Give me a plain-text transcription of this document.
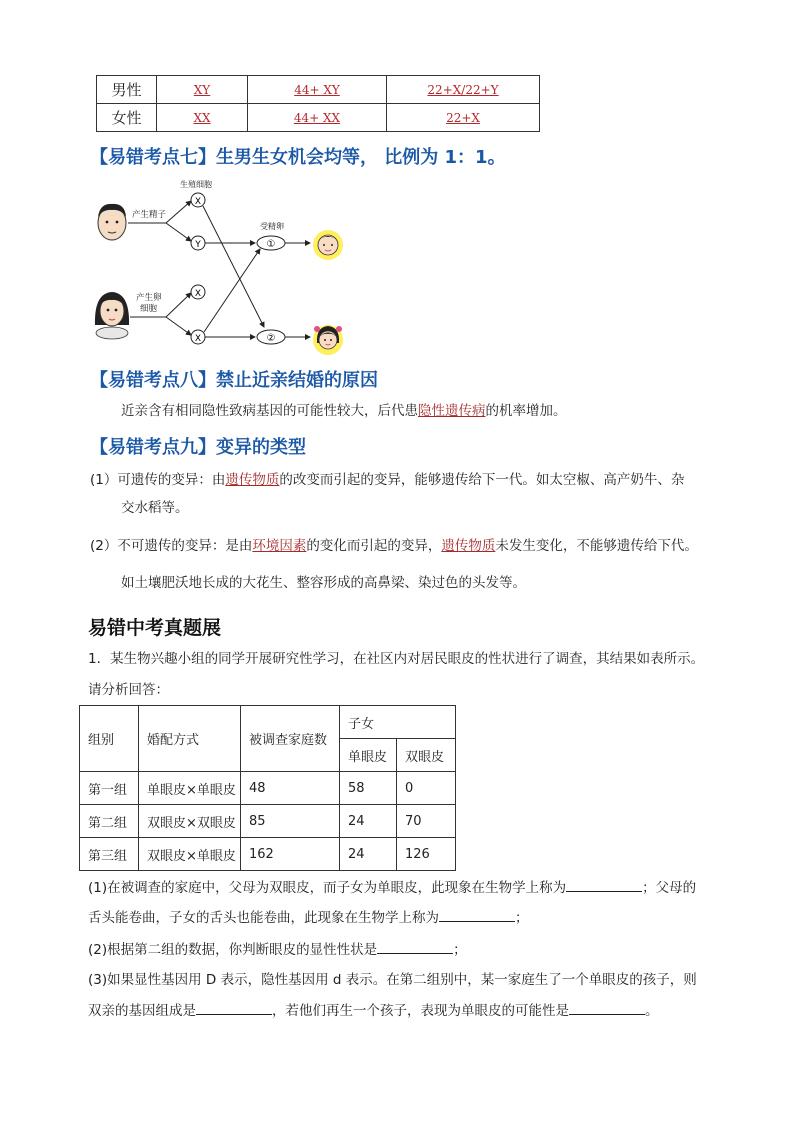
男性	XY	44+ XY	22+X/22+Y
女性	XX	44+ XX	22+X
【易错考点七】生男生女机会均等， 比例为 1：1。
生殖细胞
产生精子
产生卵
细胞
受精卵
X
Y
X
X
①
②
【易错考点八】禁止近亲结婚的原因
近亲含有相同隐性致病基因的可能性较大，后代患隐性遗传病的机率增加。
【易错考点九】变异的类型
(1）可遗传的变异：由遗传物质的改变而引起的变异，能够遗传给下一代。如太空椒、高产奶牛、杂
交水稻等。
(2）不可遗传的变异：是由环境因素的变化而引起的变异，遗传物质未发生变化，不能够遗传给下代。
如土壤肥沃地长成的大花生、整容形成的高鼻梁、染过色的头发等。
易错中考真题展
1．某生物兴趣小组的同学开展研究性学习，在社区内对居民眼皮的性状进行了调查，其结果如表所示。
请分析回答：
组别	婚配方式	被调查家庭数	子女	
			单眼皮	双眼皮
第一组	单眼皮×单眼皮	48	58	0
第二组	双眼皮×双眼皮	85	24	70
第三组	双眼皮×单眼皮	162	24	126
(1)在被调查的家庭中，父母为双眼皮，而子女为单眼皮，此现象在生物学上称为	；父母的
舌头能卷曲，子女的舌头也能卷曲，此现象在生物学上称为	；
(2)根据第二组的数据，你判断眼皮的显性性状是	；
(3)如果显性基因用 D 表示，隐性基因用 d 表示。在第二组别中，某一家庭生了一个单眼皮的孩子，则
双亲的基因组成是	，若他们再生一个孩子，表现为单眼皮的可能性是	。
